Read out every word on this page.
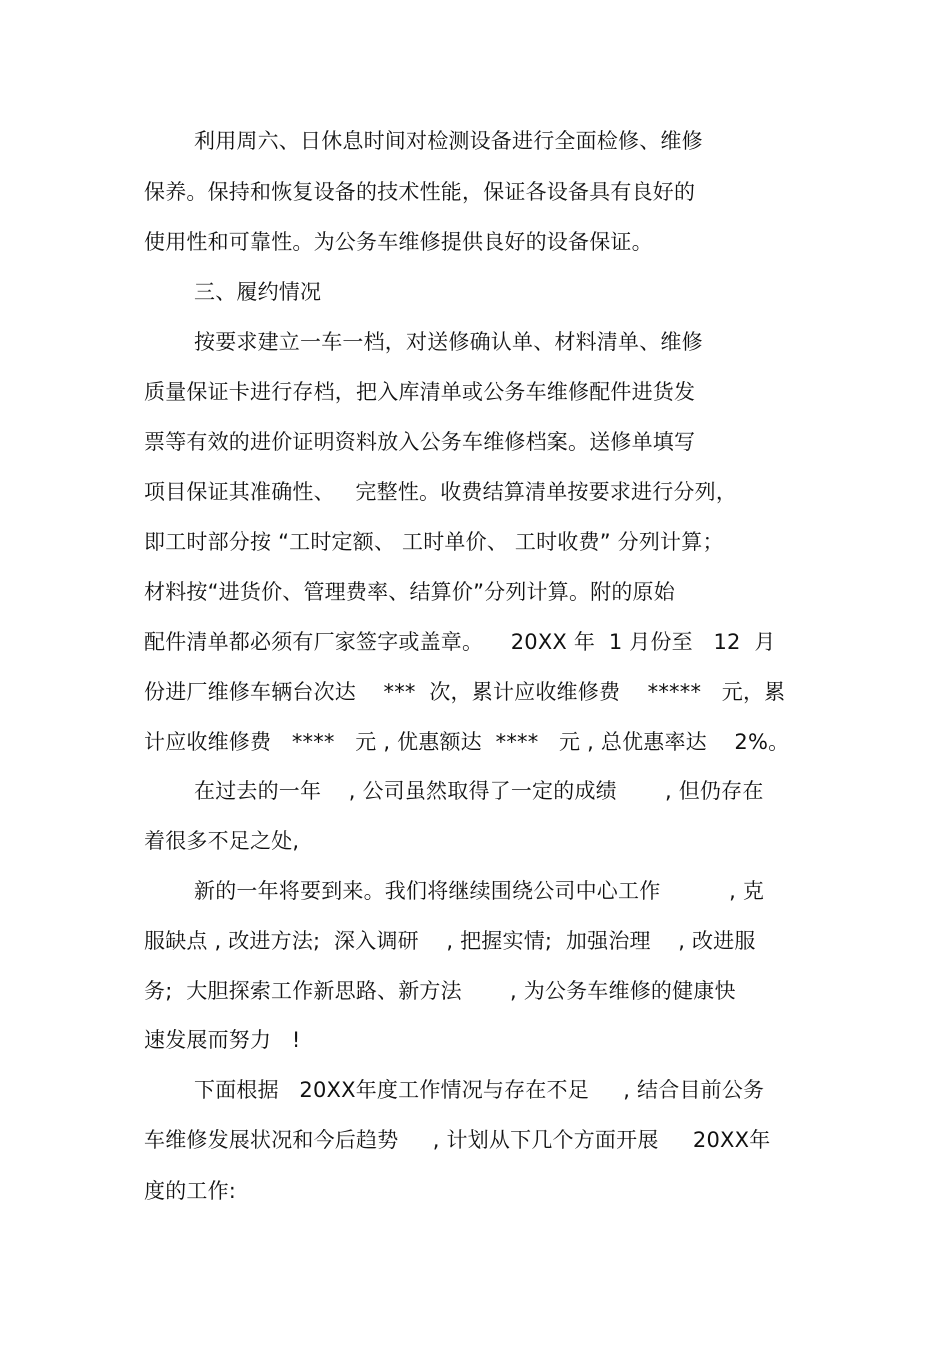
利用周六、日休息时间对检测设备进行全面检修、维修
保养。保持和恢复设备的技术性能，保证各设备具有良好的
使用性和可靠性。为公务车维修提供良好的设备保证。
三、履约情况
按要求建立一车一档，对送修确认单、材料清单、维修
质量保证卡进行存档，把入库清单或公务车维修配件进货发
票等有效的进价证明资料放入公务车维修档案。送修单填写
项目保证其准确性、   完整性。收费结算清单按要求进行分列，
即工时部分按 “工时定额、 工时单价、 工时收费” 分列计算；
材料按“进货价、管理费率、结算价”分列计算。附的原始
配件清单都必须有厂家签字或盖章。    20XX 年  1 月份至   12  月
份进厂维修车辆台次达    ***  次，累计应收维修费    *****   元，累
计应收维修费   ****   元 , 优惠额达  ****   元 , 总优惠率达    2%。
在过去的一年    , 公司虽然取得了一定的成绩       , 但仍存在
着很多不足之处,
新的一年将要到来。我们将继续围绕公司中心工作          , 克
服缺点 , 改进方法;  深入调研    , 把握实情;  加强治理    , 改进服
务;  大胆探索工作新思路、新方法       , 为公务车维修的健康快
速发展而努力   !
下面根据   20XX年度工作情况与存在不足     , 结合目前公务
车维修发展状况和今后趋势     , 计划从下几个方面开展     20XX年
度的工作:
